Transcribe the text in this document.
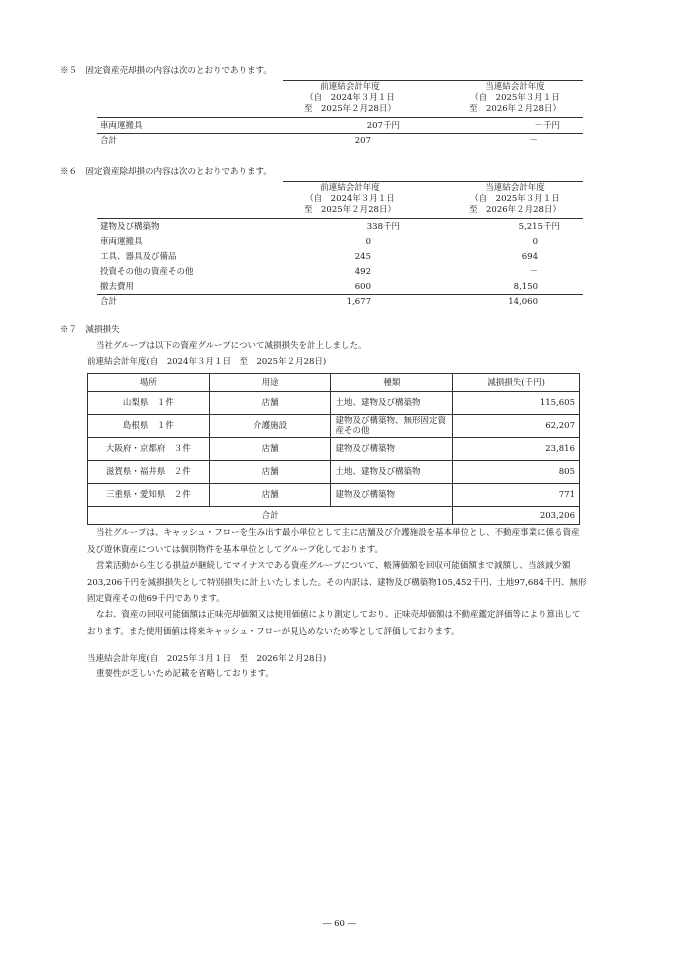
※５　固定資産売却損の内容は次のとおりであります。
前連結会計年度
（自　2024年３月１日
至　2025年２月28日）
当連結会計年度
（自　2025年３月１日
至　2026年２月28日）
車両運搬具	207千円	－千円
合計	207	－
※６　固定資産除却損の内容は次のとおりであります。
前連結会計年度
（自　2024年３月１日
至　2025年２月28日）
当連結会計年度
（自　2025年３月１日
至　2026年２月28日）
建物及び構築物	338千円	5,215千円
車両運搬具	0	0
工具、器具及び備品	245	694
投資その他の資産その他	492	－
撤去費用	600	8,150
合計	1,677	14,060
※７　減損損失
当社グループは以下の資産グループについて減損損失を計上しました。
前連結会計年度(自　2024年３月１日　至　2025年２月28日)
場所	用途	種類	減損損失(千円)
山梨県　１件	店舗	土地、建物及び構築物	115,605
島根県　１件	介護施設	建物及び構築物、無形固定資産その他	62,207
大阪府・京都府　３件	店舗	建物及び構築物	23,816
滋賀県・福井県　２件	店舗	土地、建物及び構築物	805
三重県・愛知県　２件	店舗	建物及び構築物	771
合計			203,206
当社グループは、キャッシュ・フローを生み出す最小単位として主に店舗及び介護施設を基本単位とし、不動産事業に係る資産及び遊休資産については個別物件を基本単位としてグループ化しております。
営業活動から生じる損益が継続してマイナスである資産グループについて、帳簿価額を回収可能価額まで減額し、当該減少額203,206千円を減損損失として特別損失に計上いたしました。その内訳は、建物及び構築物105,452千円、土地97,684千円、無形固定資産その他69千円であります。
なお、資産の回収可能価額は正味売却価額又は使用価値により測定しており、正味売却価額は不動産鑑定評価等により算出しております。また使用価値は将来キャッシュ・フローが見込めないため零として評価しております。
当連結会計年度(自　2025年３月１日　至　2026年２月28日)
重要性が乏しいため記載を省略しております。
― 60 ―
